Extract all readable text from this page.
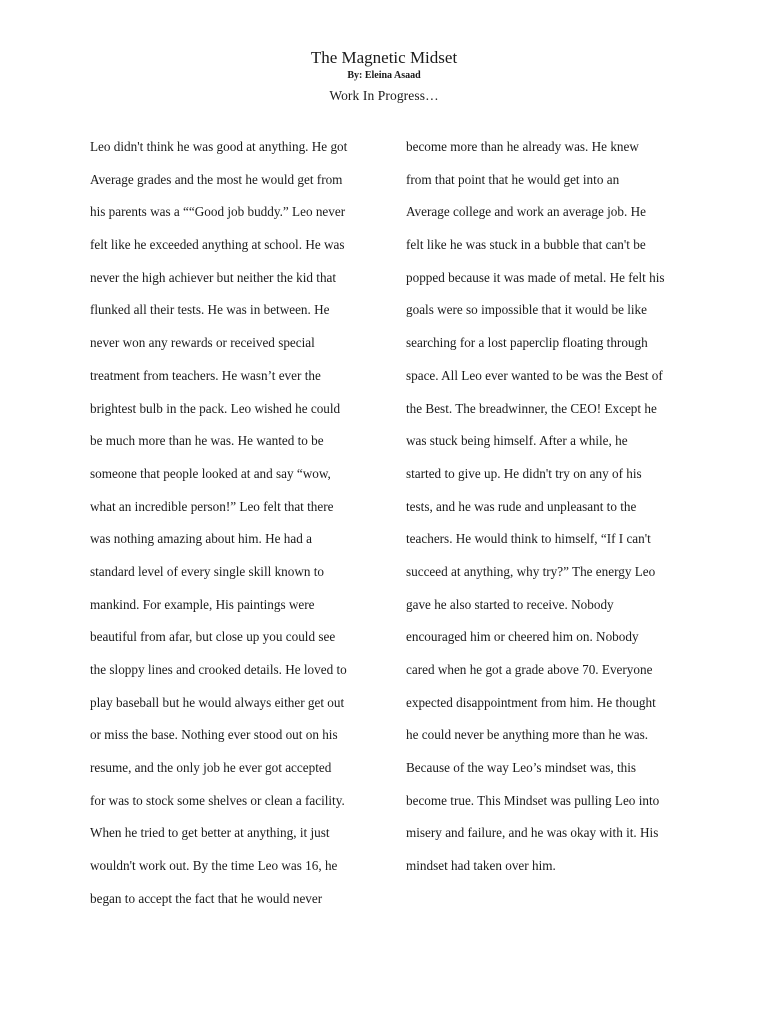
The Magnetic Midset
By: Eleina Asaad
Work In Progress…
Leo didn't think he was good at anything. He got
Average grades and the most he would get from
his parents was a ““Good job buddy.” Leo never
felt like he exceeded anything at school. He was
never the high achiever but neither the kid that
flunked all their tests. He was in between. He
never won any rewards or received special
treatment from teachers. He wasn’t ever the
brightest bulb in the pack. Leo wished he could
be much more than he was. He wanted to be
someone that people looked at and say “wow,
what an incredible person!” Leo felt that there
was nothing amazing about him. He had a
standard level of every single skill known to
mankind. For example, His paintings were
beautiful from afar, but close up you could see
the sloppy lines and crooked details. He loved to
play baseball but he would always either get out
or miss the base. Nothing ever stood out on his
resume, and the only job he ever got accepted
for was to stock some shelves or clean a facility.
When he tried to get better at anything, it just
wouldn't work out. By the time Leo was 16, he
began to accept the fact that he would never
become more than he already was. He knew
from that point that he would get into an
Average college and work an average job. He
felt like he was stuck in a bubble that can't be
popped because it was made of metal. He felt his
goals were so impossible that it would be like
searching for a lost paperclip floating through
space. All Leo ever wanted to be was the Best of
the Best. The breadwinner, the CEO! Except he
was stuck being himself. After a while, he
started to give up. He didn't try on any of his
tests, and he was rude and unpleasant to the
teachers. He would think to himself, “If I can't
succeed at anything, why try?” The energy Leo
gave he also started to receive. Nobody
encouraged him or cheered him on. Nobody
cared when he got a grade above 70. Everyone
expected disappointment from him. He thought
he could never be anything more than he was.
Because of the way Leo’s mindset was, this
become true. This Mindset was pulling Leo into
misery and failure, and he was okay with it. His
mindset had taken over him.
